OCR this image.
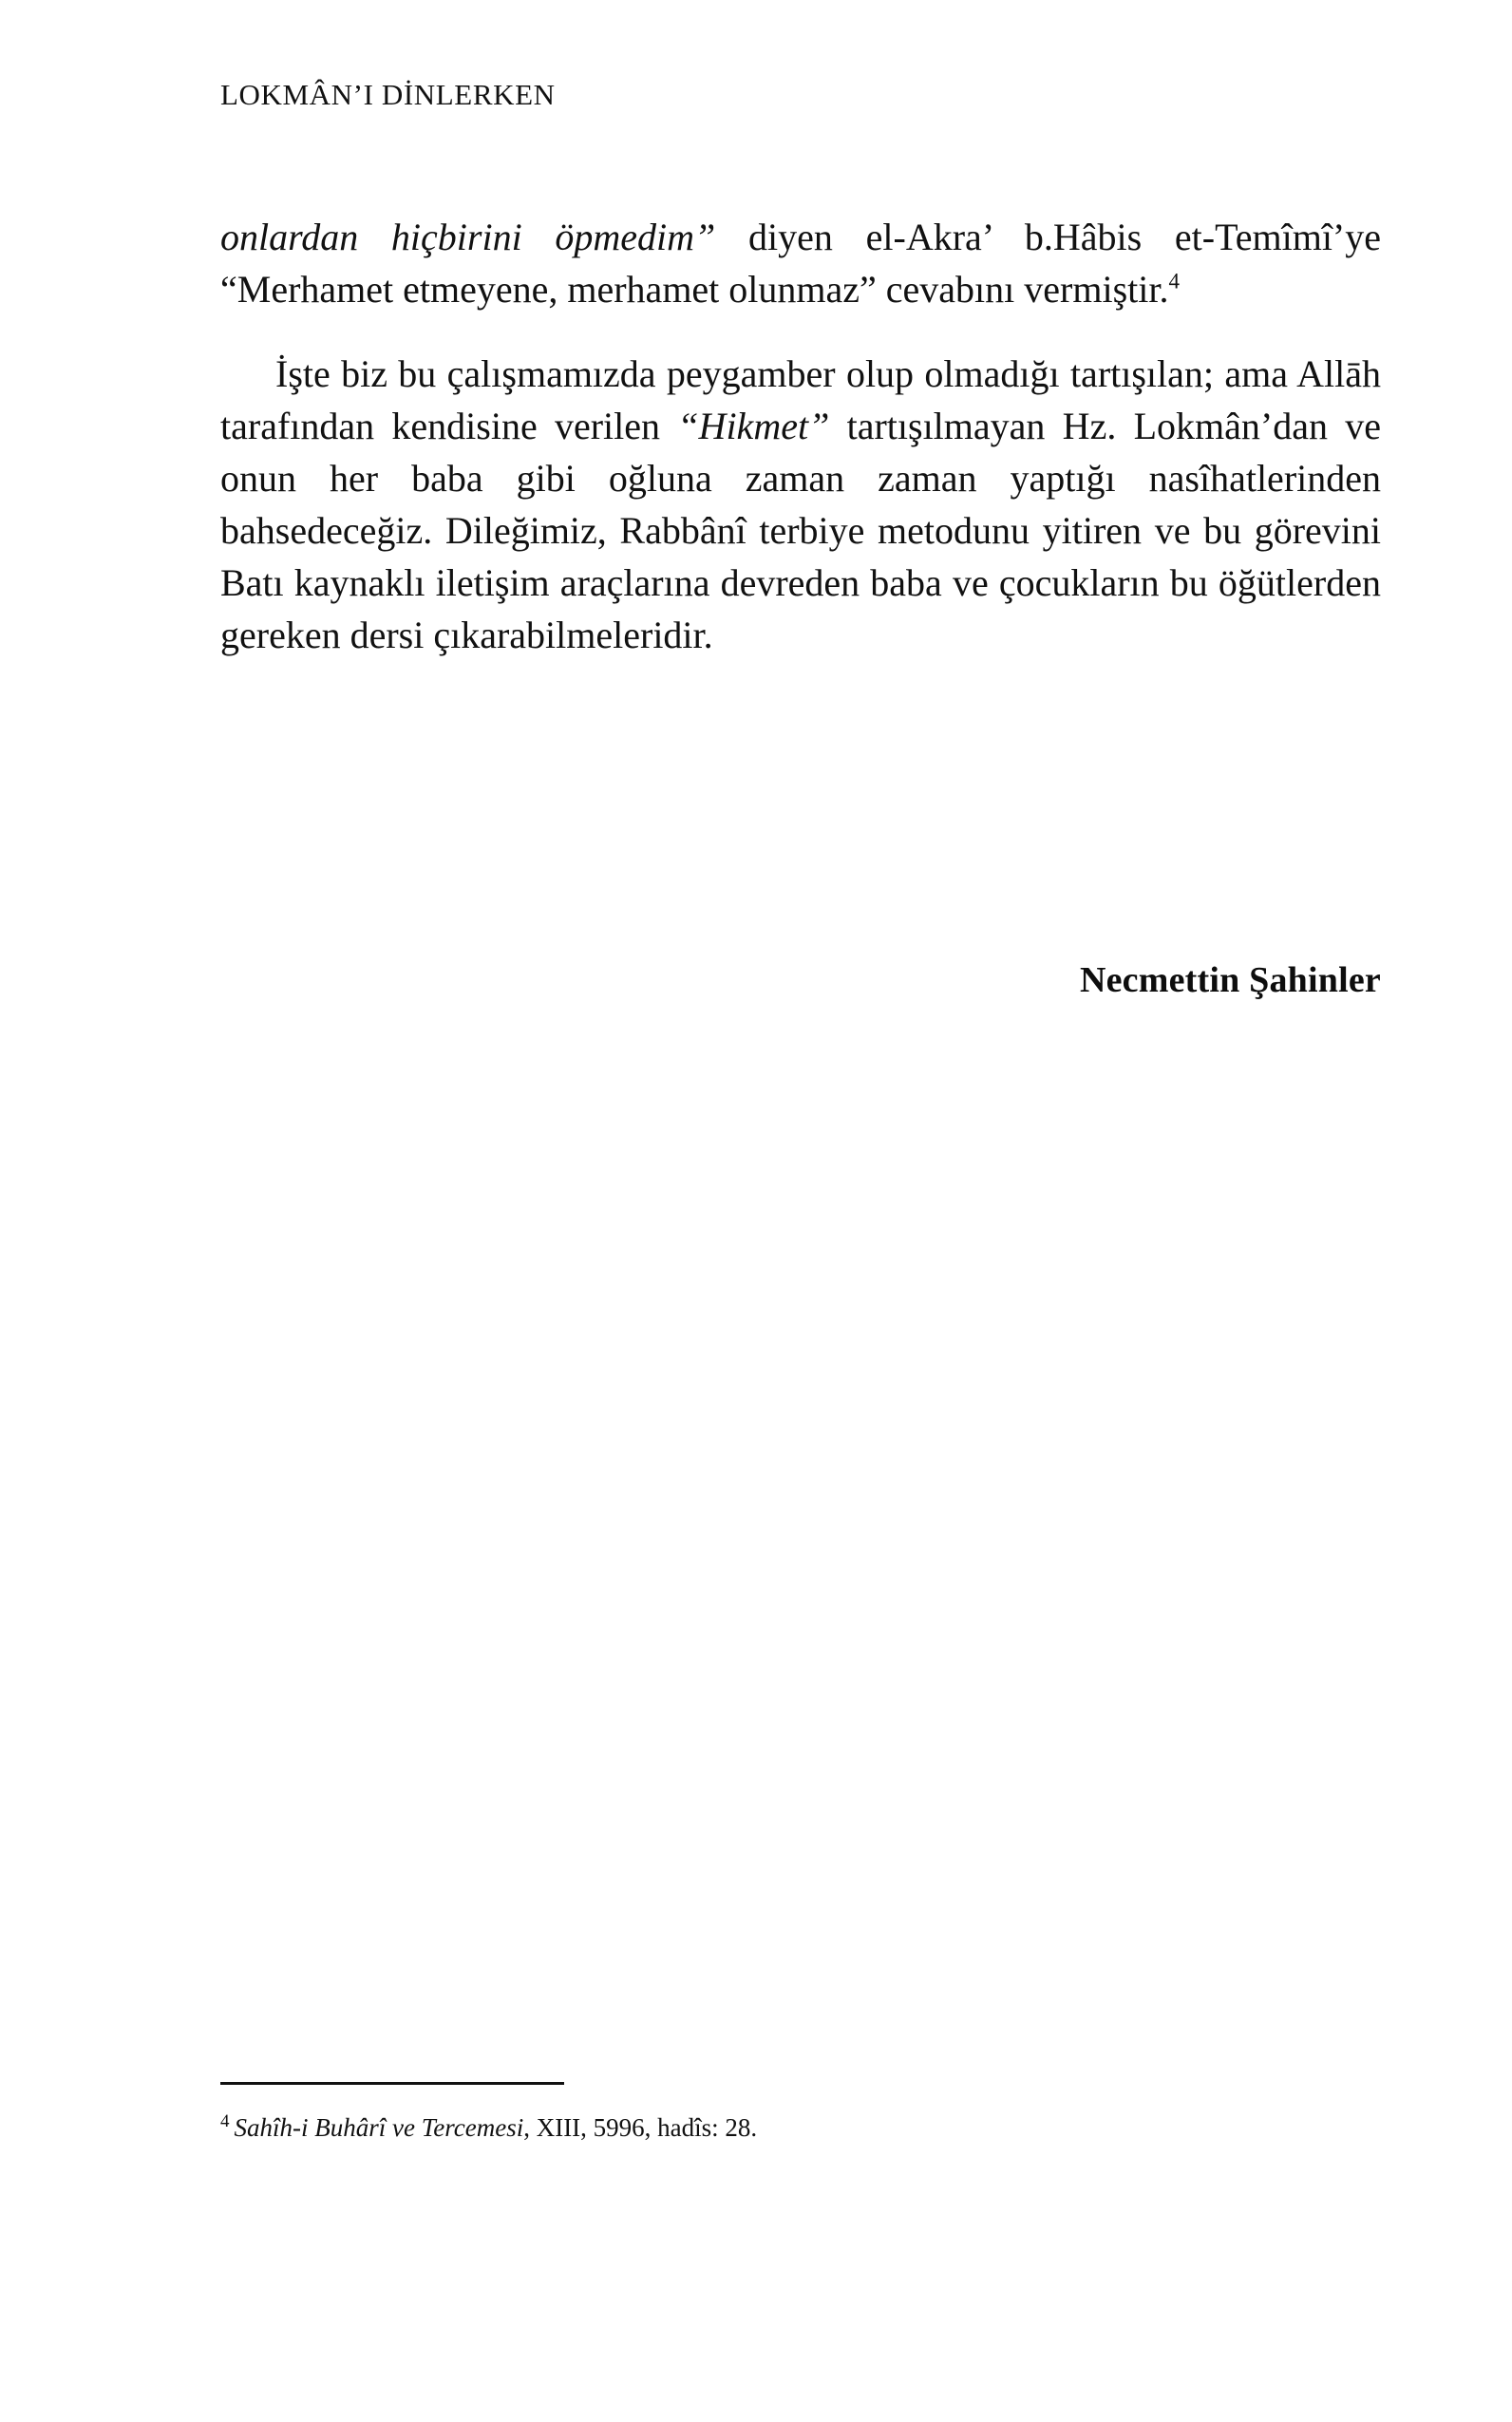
LOKMÂN’I DİNLERKEN

onlardan hiçbirini öpmedim” diyen el-Akra’ b.Hâbis et-Temîmî’ye “Merhamet etmeyene, merhamet olunmaz” cevabını vermiştir.$^4$

İşte biz bu çalışmamızda peygamber olup olmadığı tartışılan; ama Allāh tarafından kendisine verilen “Hikmet” tartışılmayan Hz. Lokmân’dan ve onun her baba gibi oğluna zaman zaman yaptığı nasîhatlerinden bahsedeceğiz. Dileğimiz, Rabbânî terbiye metodunu yitiren ve bu görevini Batı kaynaklı iletişim araçlarına devreden baba ve çocukların bu öğütlerden gereken dersi çıkarabilmeleridir.

Necmettin Şahinler
$^4$ Sahîh-i Buhârî ve Tercemesi, XIII, 5996, hadîs: 28.
